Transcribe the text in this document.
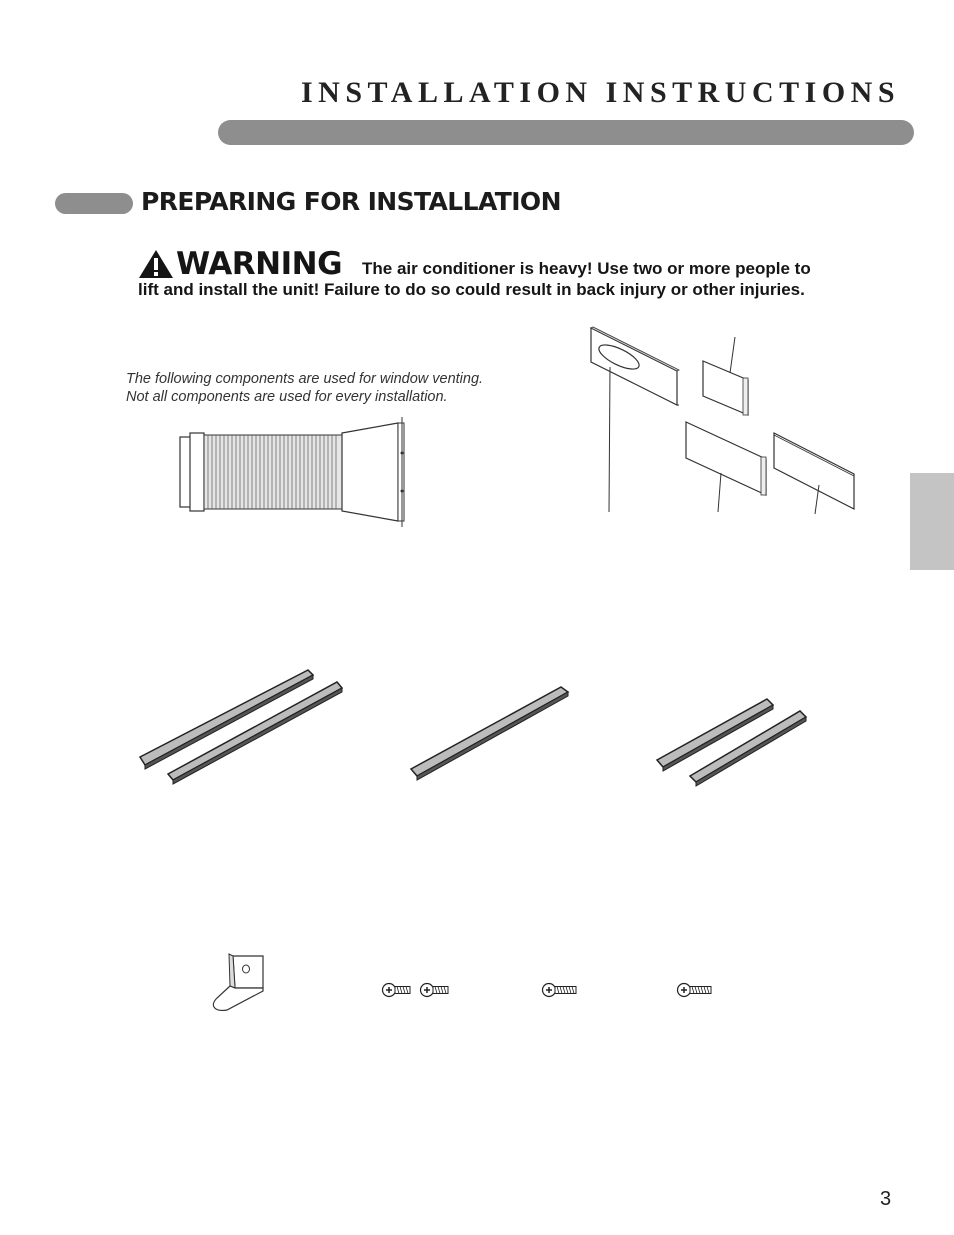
INSTALLATION INSTRUCTIONS
PREPARING FOR INSTALLATION
WARNING The air conditioner is heavy! Use two or more people to
lift and install the unit! Failure to do so could result in back injury or other injuries.
The following components are used for window venting.
Not all components are used for every installation.
3
